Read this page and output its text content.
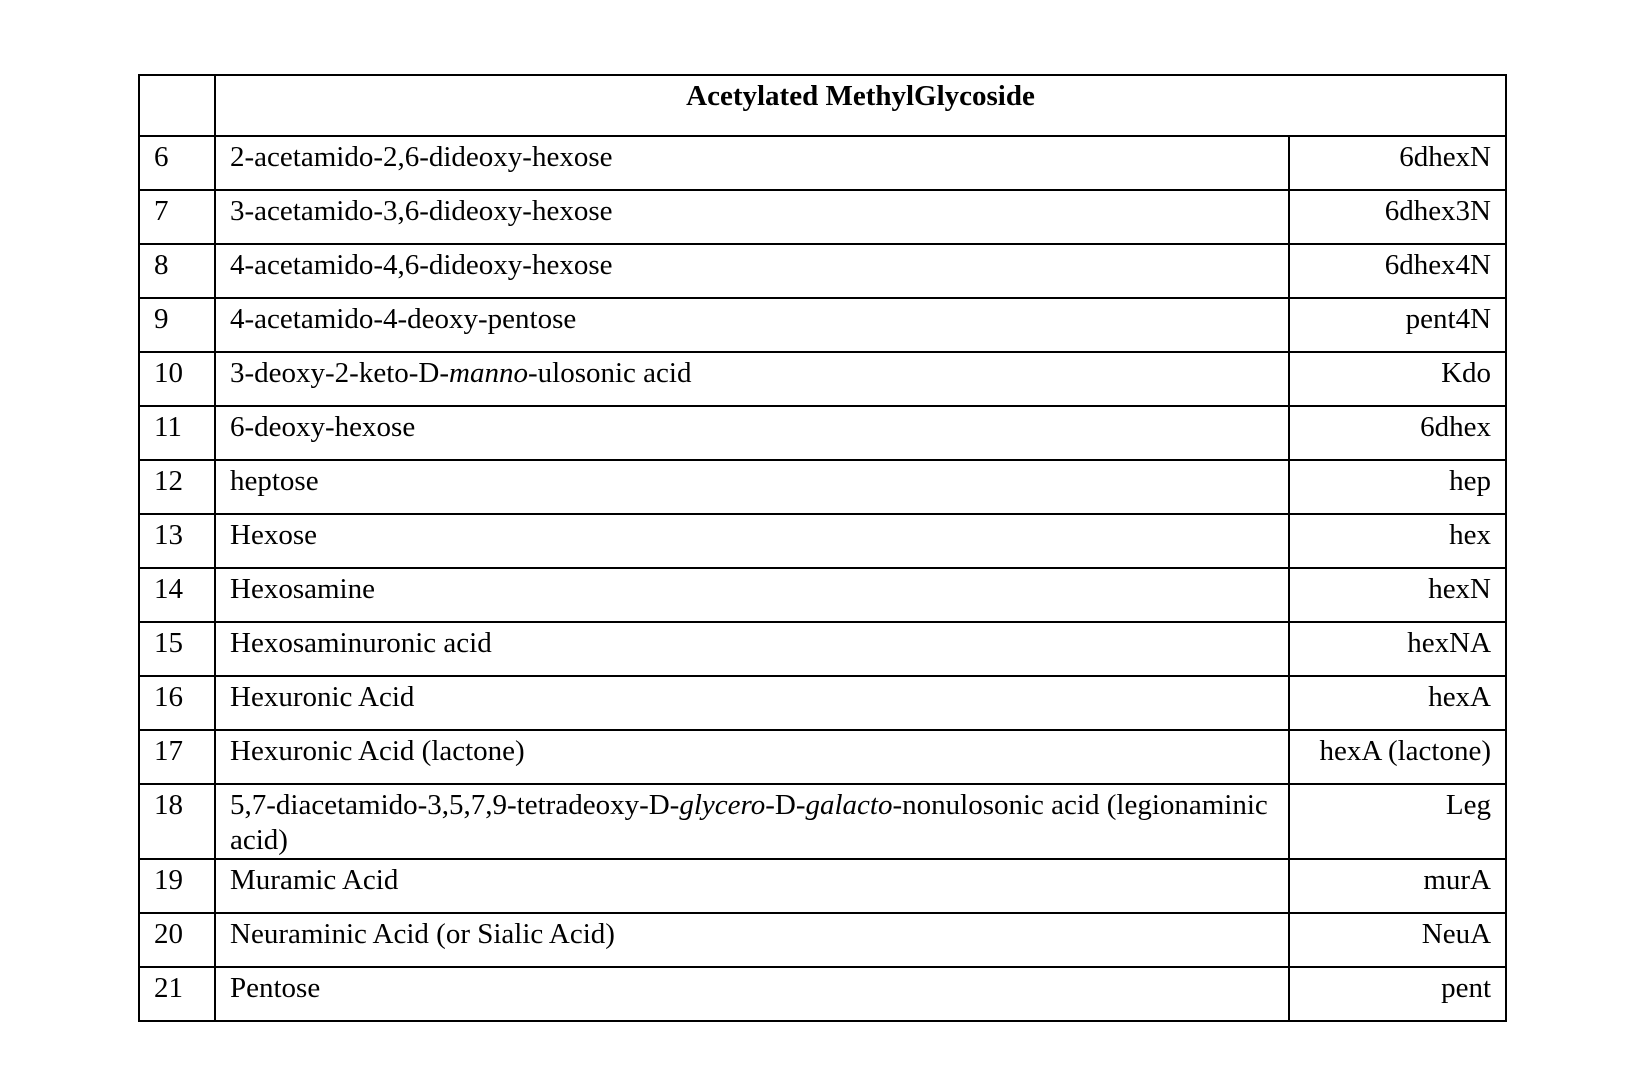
	Acetylated MethylGlycoside	
6	2-acetamido-2,6-dideoxy-hexose	6dhexN
7	3-acetamido-3,6-dideoxy-hexose	6dhex3N
8	4-acetamido-4,6-dideoxy-hexose	6dhex4N
9	4-acetamido-4-deoxy-pentose	pent4N
10	3-deoxy-2-keto-D-manno-ulosonic acid	Kdo
11	6-deoxy-hexose	6dhex
12	heptose	hep
13	Hexose	hex
14	Hexosamine	hexN
15	Hexosaminuronic acid	hexNA
16	Hexuronic Acid	hexA
17	Hexuronic Acid (lactone)	hexA (lactone)
18	5,7-diacetamido-3,5,7,9-tetradeoxy-D-glycero-D-galacto-nonulosonic acid (legionaminic acid)	Leg
19	Muramic Acid	murA
20	Neuraminic Acid (or Sialic Acid)	NeuA
21	Pentose	pent
